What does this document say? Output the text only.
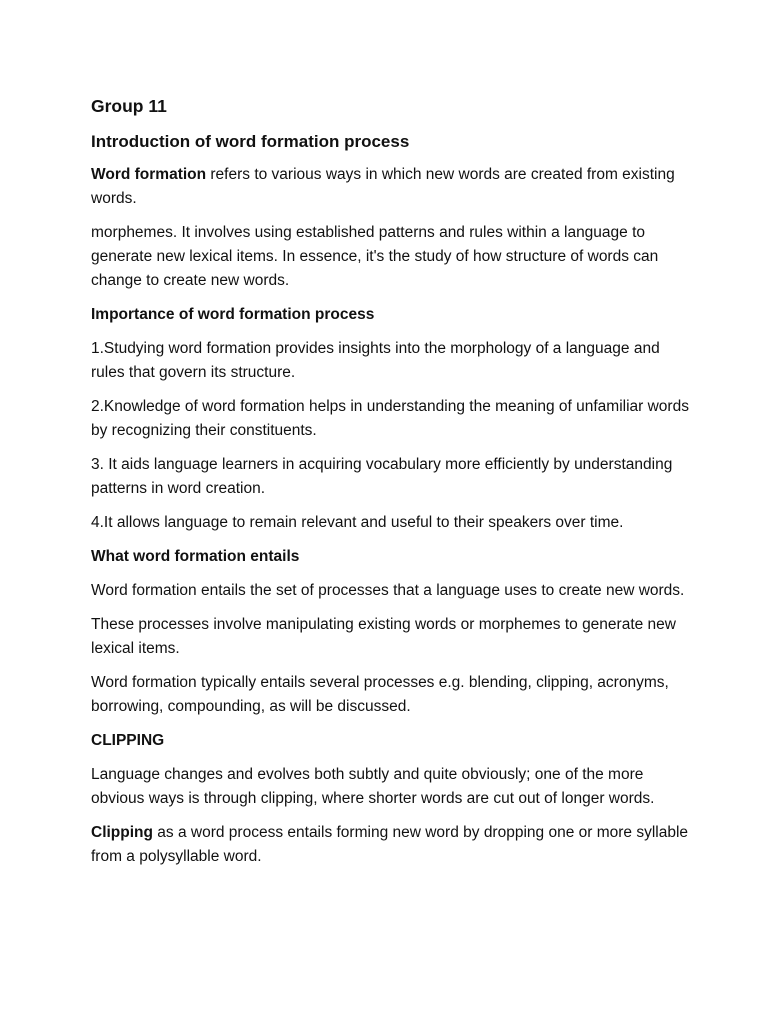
Group 11
Introduction of word formation process

Word formation refers to various ways in which new words are created from existing words.

morphemes. It involves using established patterns and rules within a language to generate new lexical items. In essence, it's the study of how structure of words can change to create new words.

Importance of word formation process

1.Studying word formation provides insights into the morphology of a language and rules that govern its structure.

2.Knowledge of word formation helps in understanding the meaning of unfamiliar words by recognizing their constituents.

3. It aids language learners in acquiring vocabulary more efficiently by understanding patterns in word creation.

4.It allows language to remain relevant and useful to their speakers over time.

What word formation entails

Word formation entails the set of processes that a language uses to create new words.

These processes involve manipulating existing words or morphemes to generate new lexical items.

Word formation typically entails several processes e.g. blending, clipping, acronyms, borrowing, compounding, as will be discussed.

CLIPPING

Language changes and evolves both subtly and quite obviously; one of the more obvious ways is through clipping, where shorter words are cut out of longer words.

Clipping as a word process entails forming new word by dropping one or more syllable from a polysyllable word.
